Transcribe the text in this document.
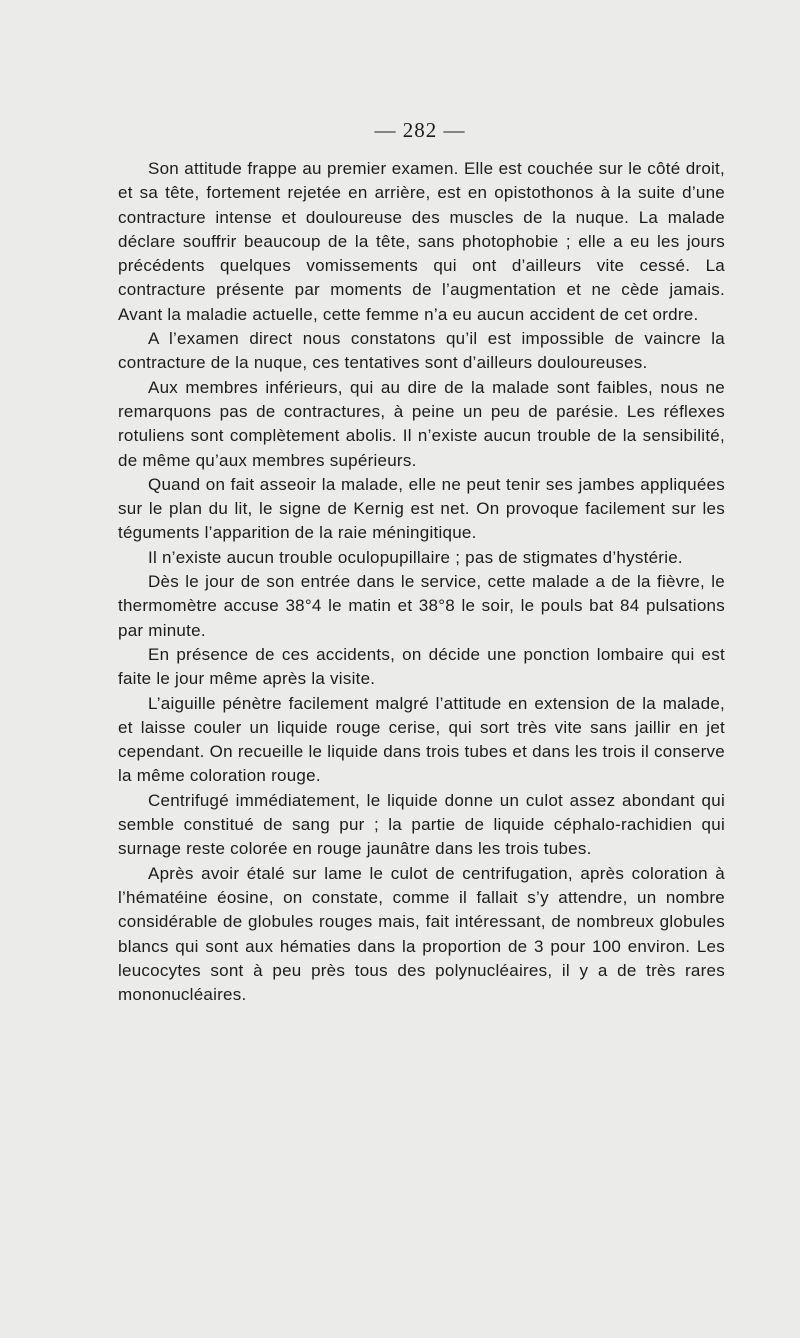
— 282 —

Son attitude frappe au premier examen. Elle est couchée sur le côté droit, et sa tête, fortement rejetée en arrière, est en opistothonos à la suite d’une contracture intense et douloureuse des muscles de la nuque. La malade déclare souffrir beaucoup de la tête, sans photophobie ; elle a eu les jours précédents quelques vomissements qui ont d’ailleurs vite cessé. La contracture présente par moments de l’augmentation et ne cède jamais. Avant la maladie actuelle, cette femme n’a eu aucun accident de cet ordre.

A l’examen direct nous constatons qu’il est impossible de vaincre la contracture de la nuque, ces tentatives sont d’ailleurs douloureuses.

Aux membres inférieurs, qui au dire de la malade sont faibles, nous ne remarquons pas de contractures, à peine un peu de parésie. Les réflexes rotuliens sont complètement abolis. Il n’existe aucun trouble de la sensibilité, de même qu’aux membres supérieurs.

Quand on fait asseoir la malade, elle ne peut tenir ses jambes appliquées sur le plan du lit, le signe de Kernig est net. On provoque facilement sur les téguments l’apparition de la raie méningitique.

Il n’existe aucun trouble oculopupillaire ; pas de stigmates d’hystérie.

Dès le jour de son entrée dans le service, cette malade a de la fièvre, le thermomètre accuse 38°4 le matin et 38°8 le soir, le pouls bat 84 pulsations par minute.

En présence de ces accidents, on décide une ponction lombaire qui est faite le jour même après la visite.

L’aiguille pénètre facilement malgré l’attitude en extension de la malade, et laisse couler un liquide rouge cerise, qui sort très vite sans jaillir en jet cependant. On recueille le liquide dans trois tubes et dans les trois il conserve la même coloration rouge.

Centrifugé immédiatement, le liquide donne un culot assez abondant qui semble constitué de sang pur ; la partie de liquide céphalo-rachidien qui surnage reste colorée en rouge jaunâtre dans les trois tubes.

Après avoir étalé sur lame le culot de centrifugation, après coloration à l’hématéine éosine, on constate, comme il fallait s’y attendre, un nombre considérable de globules rouges mais, fait intéressant, de nombreux globules blancs qui sont aux hématies dans la proportion de 3 pour 100 environ. Les leucocytes sont à peu près tous des polynucléaires, il y a de très rares mononucléaires.
